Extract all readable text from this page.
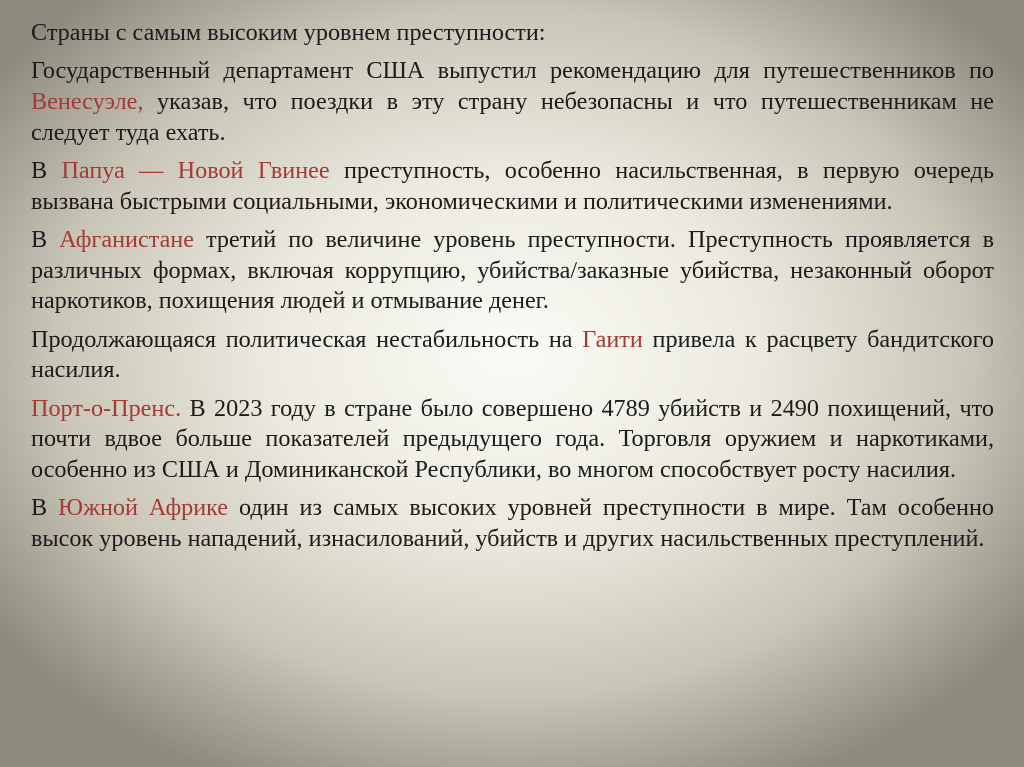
Страны с самым высоким уровнем преступности:

Государственный департамент США выпустил рекомендацию для путешественников по Венесуэле, указав, что поездки в эту страну небезопасны и что путешественникам не следует туда ехать.

В Папуа — Новой Гвинее преступность, особенно насильственная, в первую очередь вызвана быстрыми социальными, экономическими и политическими изменениями.

В Афганистане третий по величине уровень преступности. Преступность проявляется в различных формах, включая коррупцию, убийства/заказные убийства, незаконный оборот наркотиков, похищения людей и отмывание денег.

Продолжающаяся политическая нестабильность на Гаити привела к расцвету бандитского насилия.

Порт-о-Пренс. В 2023 году в стране было совершено 4789 убийств и 2490 похищений, что почти вдвое больше показателей предыдущего года. Торговля оружием и наркотиками, особенно из США и Доминиканской Республики, во многом способствует росту насилия.

В Южной Африке один из самых высоких уровней преступности в мире. Там особенно высок уровень нападений, изнасилований, убийств и других насильственных преступлений.
